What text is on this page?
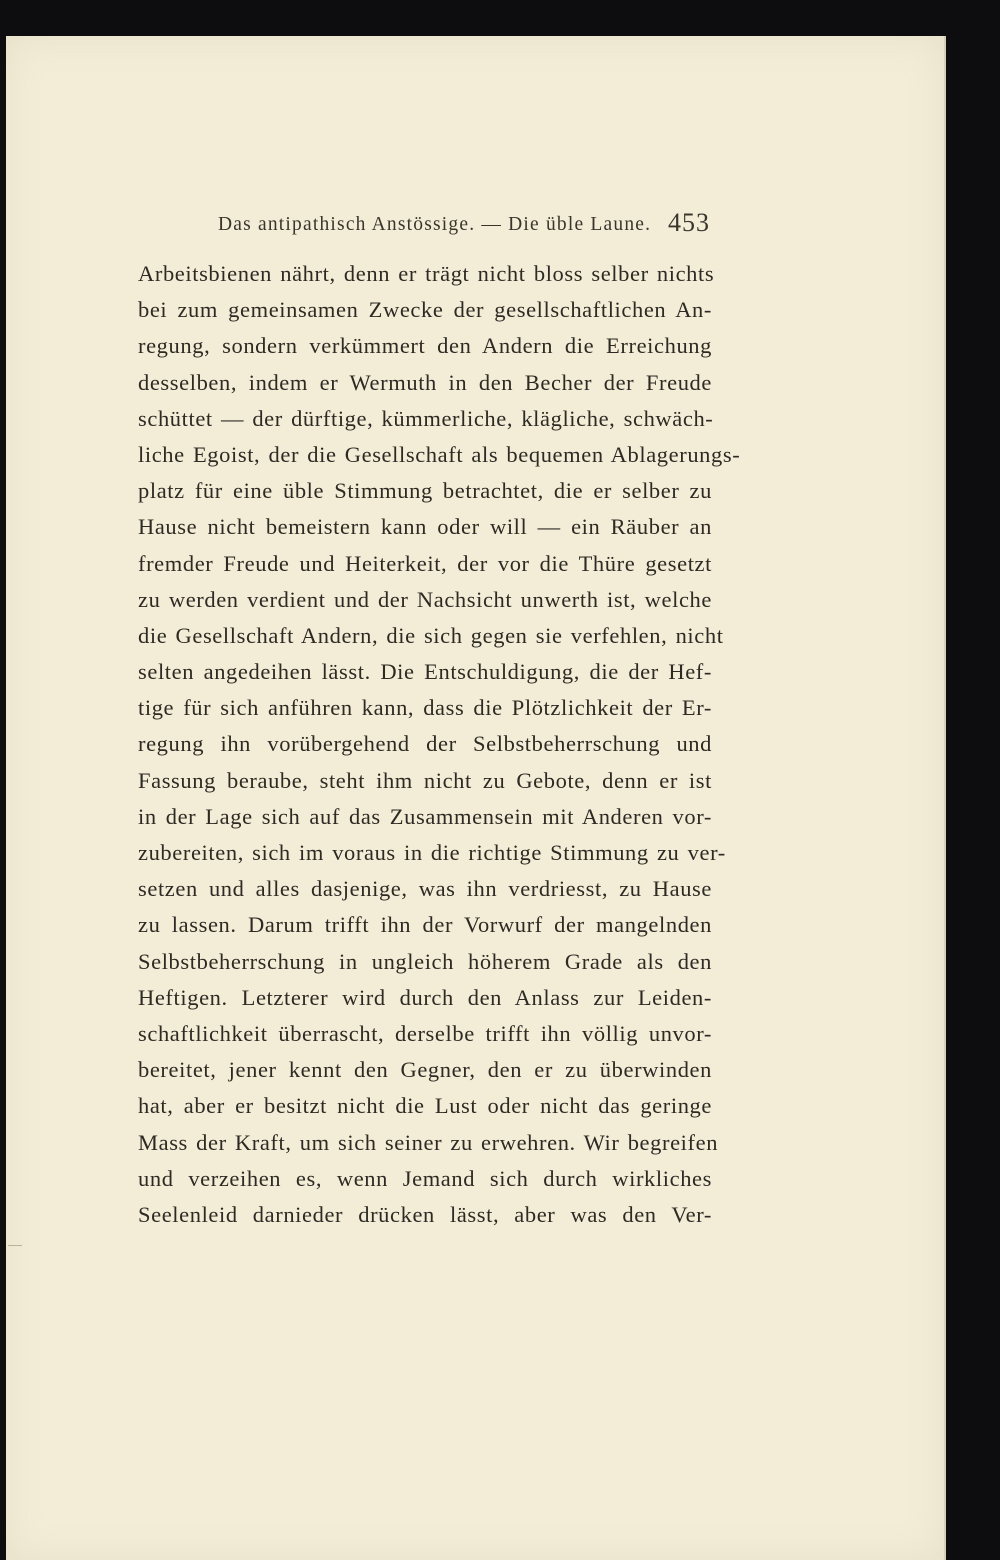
Das antipathisch Anstössige. — Die üble Laune. 453
Arbeitsbienen nährt, denn er trägt nicht bloss selber nichts
bei zum gemeinsamen Zwecke der gesellschaftlichen An-
regung, sondern verkümmert den Andern die Erreichung
desselben, indem er Wermuth in den Becher der Freude
schüttet — der dürftige, kümmerliche, klägliche, schwäch-
liche Egoist, der die Gesellschaft als bequemen Ablagerungs-
platz für eine üble Stimmung betrachtet, die er selber zu
Hause nicht bemeistern kann oder will — ein Räuber an
fremder Freude und Heiterkeit, der vor die Thüre gesetzt
zu werden verdient und der Nachsicht unwerth ist, welche
die Gesellschaft Andern, die sich gegen sie verfehlen, nicht
selten angedeihen lässt. Die Entschuldigung, die der Hef-
tige für sich anführen kann, dass die Plötzlichkeit der Er-
regung ihn vorübergehend der Selbstbeherrschung und
Fassung beraube, steht ihm nicht zu Gebote, denn er ist
in der Lage sich auf das Zusammensein mit Anderen vor-
zubereiten, sich im voraus in die richtige Stimmung zu ver-
setzen und alles dasjenige, was ihn verdriesst, zu Hause
zu lassen. Darum trifft ihn der Vorwurf der mangelnden
Selbstbeherrschung in ungleich höherem Grade als den
Heftigen. Letzterer wird durch den Anlass zur Leiden-
schaftlichkeit überrascht, derselbe trifft ihn völlig unvor-
bereitet, jener kennt den Gegner, den er zu überwinden
hat, aber er besitzt nicht die Lust oder nicht das geringe
Mass der Kraft, um sich seiner zu erwehren. Wir begreifen
und verzeihen es, wenn Jemand sich durch wirkliches
Seelenleid darnieder drücken lässt, aber was den Ver-
